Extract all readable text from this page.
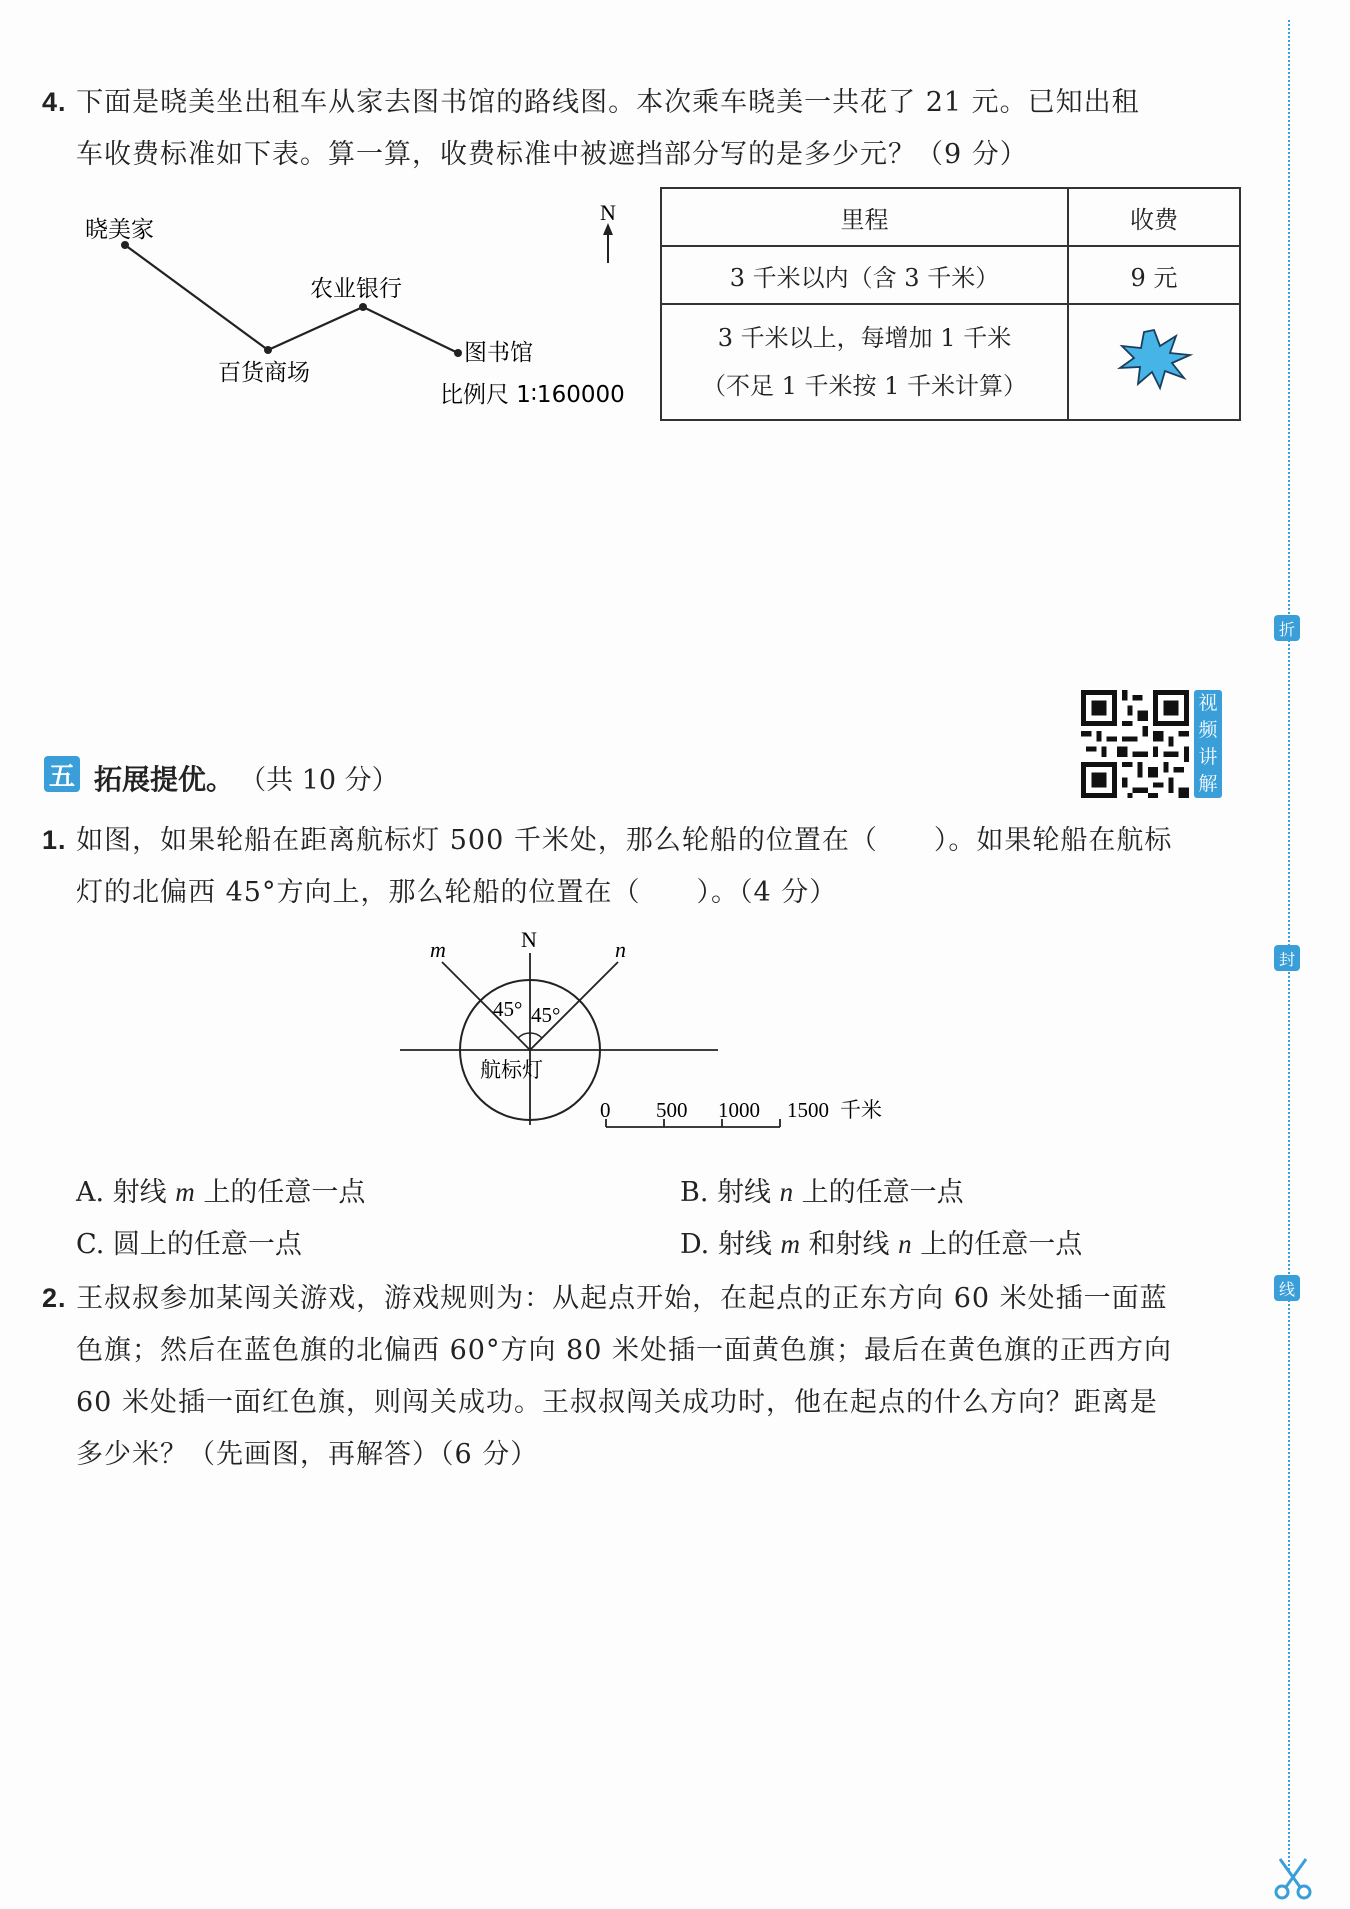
4. 下面是晓美坐出租车从家去图书馆的路线图。本次乘车晓美一共花了 21 元。已知出租
车收费标准如下表。算一算，收费标准中被遮挡部分写的是多少元？（9 分）
晓美家
农业银行
百货商场
图书馆
N
比例尺 1∶160000
里程	收费
3 千米以内（含 3 千米）	9 元

3 千米以上，每增加 1 千米
（不足 1 千米按 1 千米计算）

五 拓展提优。 （共 10 分）
视
频
讲
解
1. 如图，如果轮船在距离航标灯 500 千米处，那么轮船的位置在（　　）。如果轮船在航标
灯的北偏西 45°方向上，那么轮船的位置在（　　）。（4 分）
N
m	n
45° 45°
航标灯
0 500 1000 1500 千米
A. 射线 m 上的任意一点	B. 射线 n 上的任意一点
C. 圆上的任意一点	D. 射线 m 和射线 n 上的任意一点
2. 王叔叔参加某闯关游戏，游戏规则为：从起点开始，在起点的正东方向 60 米处插一面蓝
色旗；然后在蓝色旗的北偏西 60°方向 80 米处插一面黄色旗；最后在黄色旗的正西方向
60 米处插一面红色旗，则闯关成功。王叔叔闯关成功时，他在起点的什么方向？距离是
多少米？（先画图，再解答）（6 分）
折
封
线
